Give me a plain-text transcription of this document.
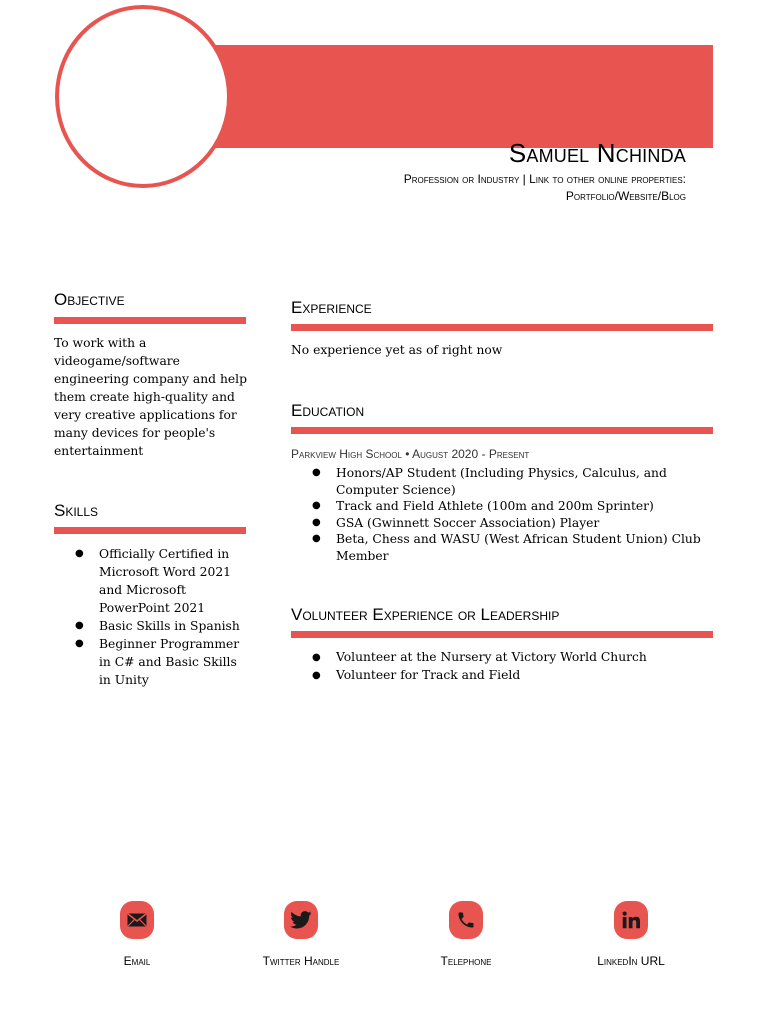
Samuel Nchinda
Profession or Industry | Link to other online properties:
Portfolio/Website/Blog
Objective
To work with a videogame/software engineering company and help them create high-quality and very creative applications for many devices for people's entertainment
Skills
● Officially Certified in Microsoft Word 2021 and Microsoft PowerPoint 2021
● Basic Skills in Spanish
● Beginner Programmer in C# and Basic Skills in Unity
Experience
No experience yet as of right now
Education
Parkview High School • August 2020 - Present
● Honors/AP Student (Including Physics, Calculus, and Computer Science)
● Track and Field Athlete (100m and 200m Sprinter)
● GSA (Gwinnett Soccer Association) Player
● Beta, Chess and WASU (West African Student Union) Club Member
Volunteer Experience or Leadership
● Volunteer at the Nursery at Victory World Church
● Volunteer for Track and Field
Email	Twitter Handle	Telephone	LinkedIn URL
